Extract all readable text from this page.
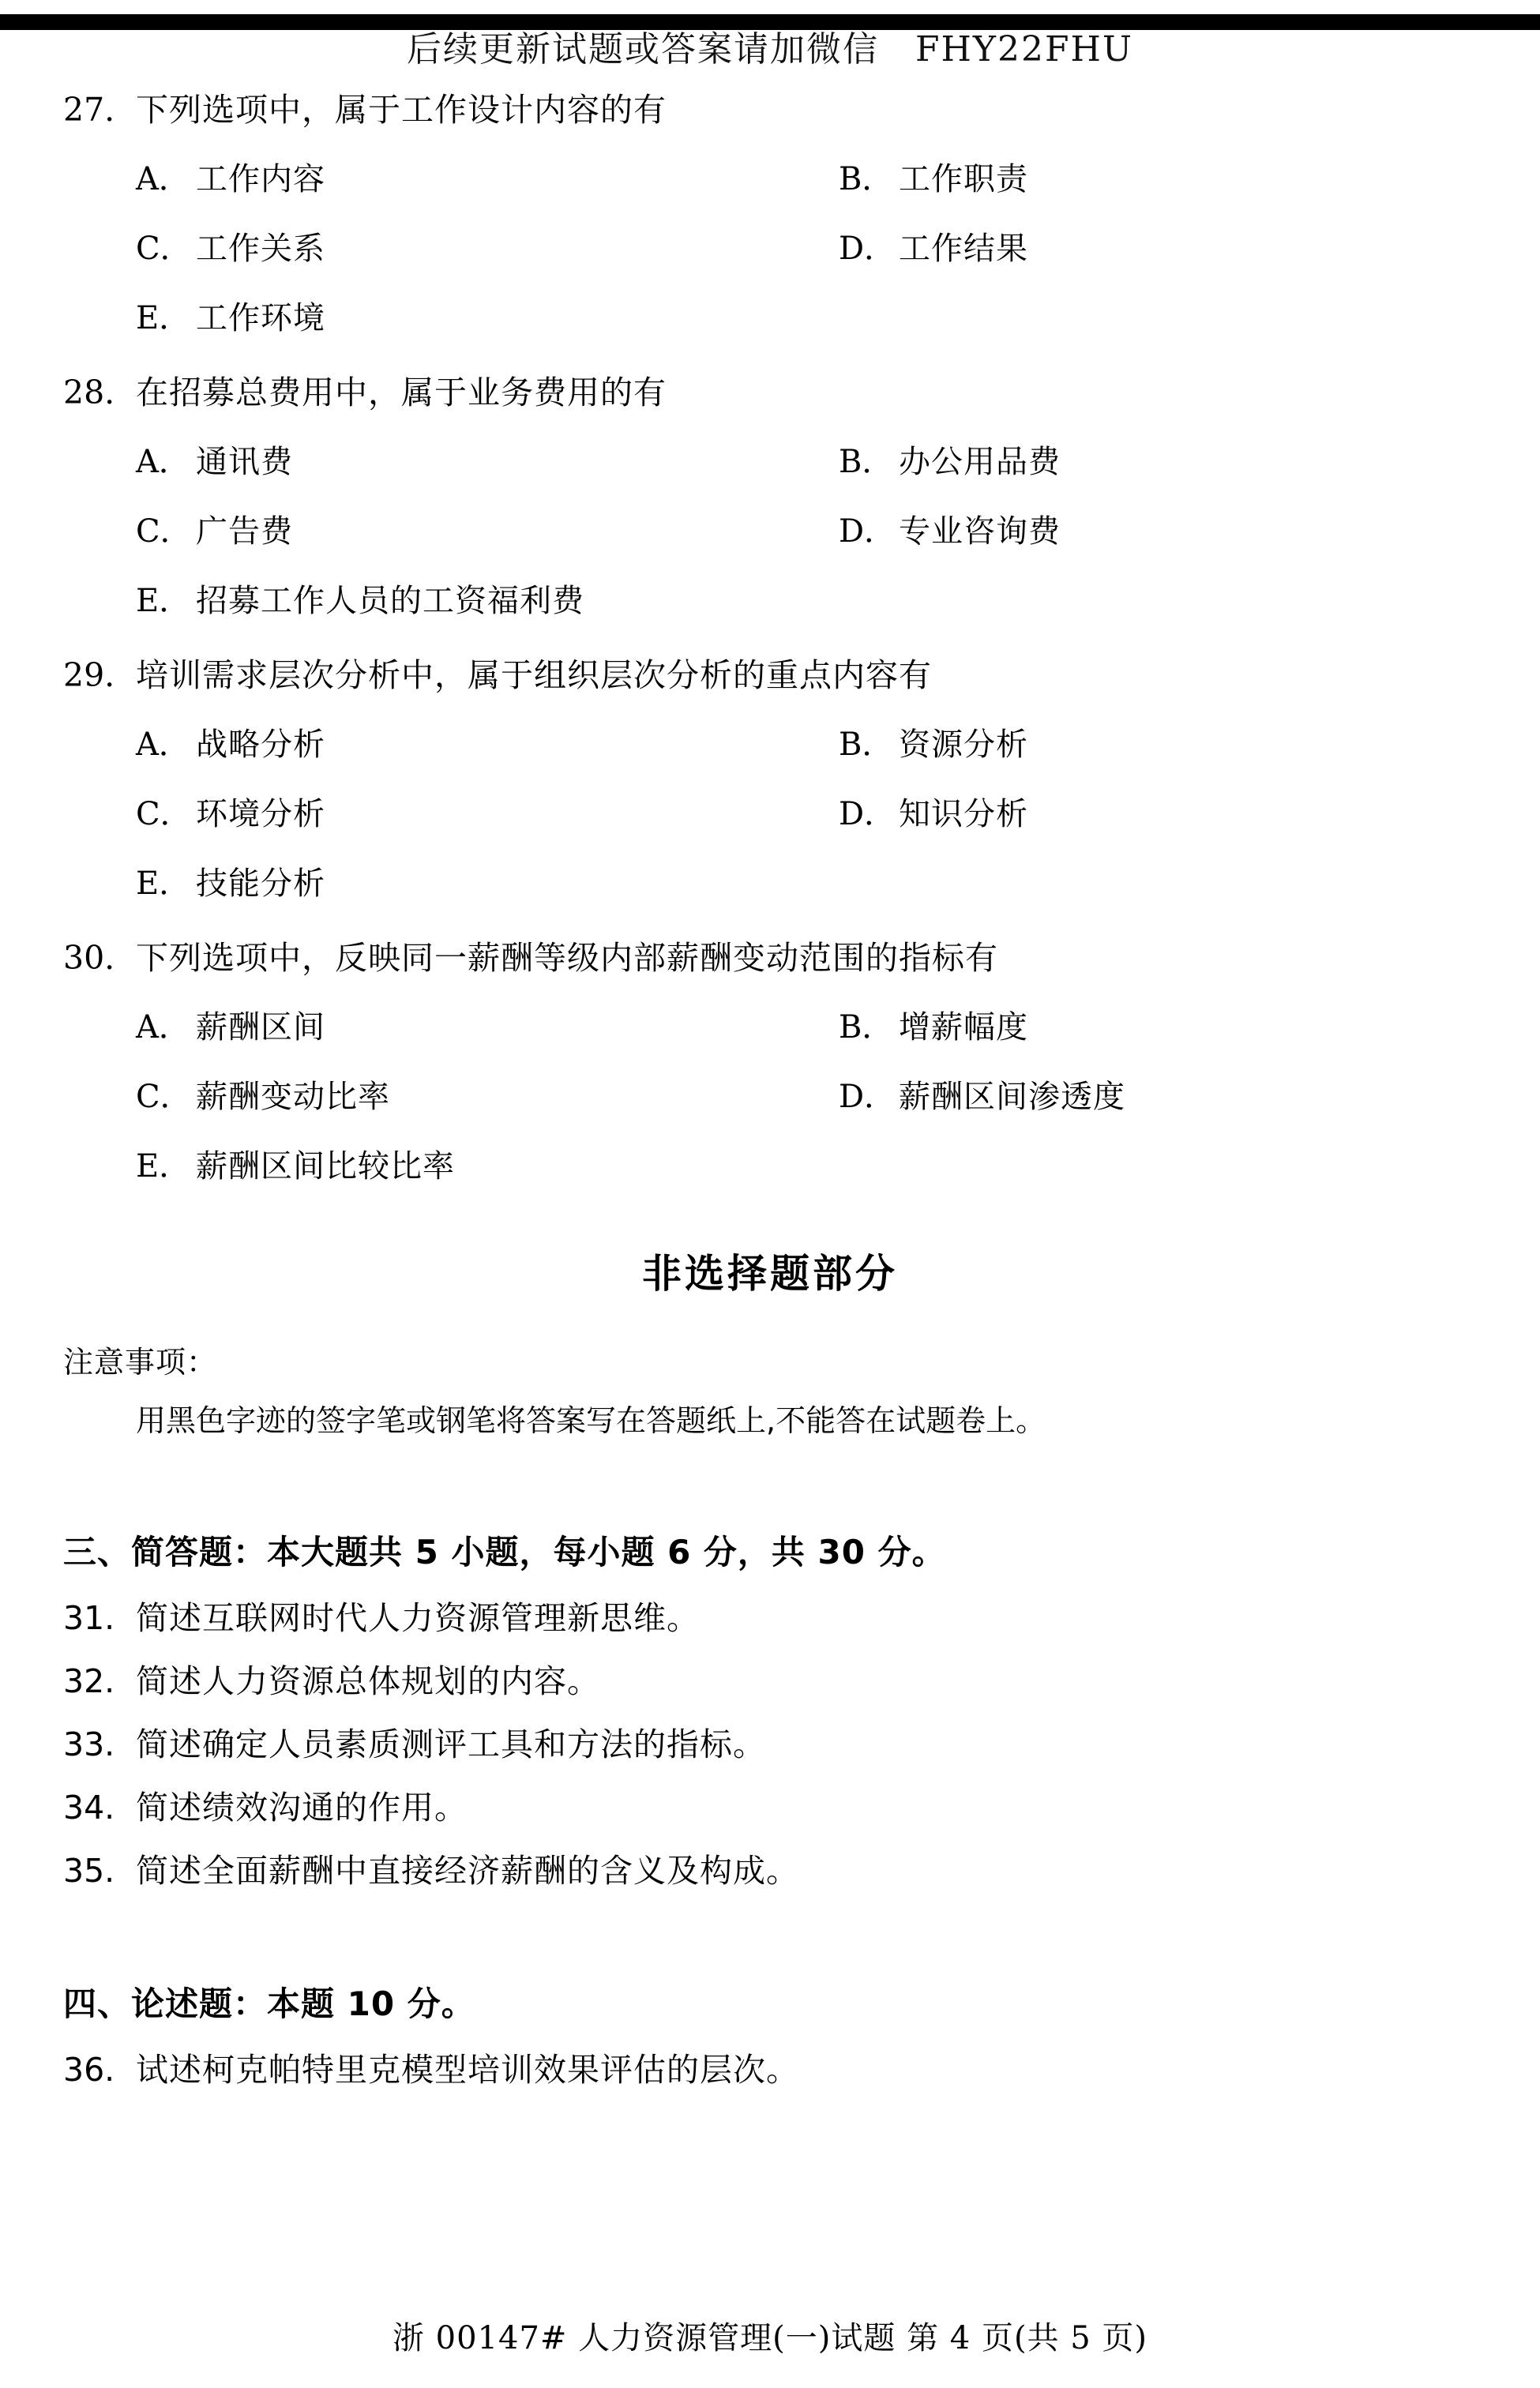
后续更新试题或答案请加微信 FHY22FHU
27. 下列选项中，属于工作设计内容的有
A． 工作内容	B． 工作职责
C． 工作关系	D． 工作结果
E． 工作环境
28. 在招募总费用中，属于业务费用的有
A． 通讯费	B． 办公用品费
C． 广告费	D． 专业咨询费
E． 招募工作人员的工资福利费
29. 培训需求层次分析中，属于组织层次分析的重点内容有
A． 战略分析	B． 资源分析
C． 环境分析	D． 知识分析
E． 技能分析
30. 下列选项中，反映同一薪酬等级内部薪酬变动范围的指标有
A． 薪酬区间	B． 增薪幅度
C． 薪酬变动比率	D． 薪酬区间渗透度
E． 薪酬区间比较比率
非选择题部分
注意事项：
用黑色字迹的签字笔或钢笔将答案写在答题纸上,不能答在试题卷上。
三、简答题：本大题共 5 小题，每小题 6 分，共 30 分。
31. 简述互联网时代人力资源管理新思维。
32. 简述人力资源总体规划的内容。
33. 简述确定人员素质测评工具和方法的指标。
34. 简述绩效沟通的作用。
35. 简述全面薪酬中直接经济薪酬的含义及构成。
四、论述题：本题 10 分。
36. 试述柯克帕特里克模型培训效果评估的层次。
浙 00147# 人力资源管理(一)试题 第 4 页(共 5 页)
